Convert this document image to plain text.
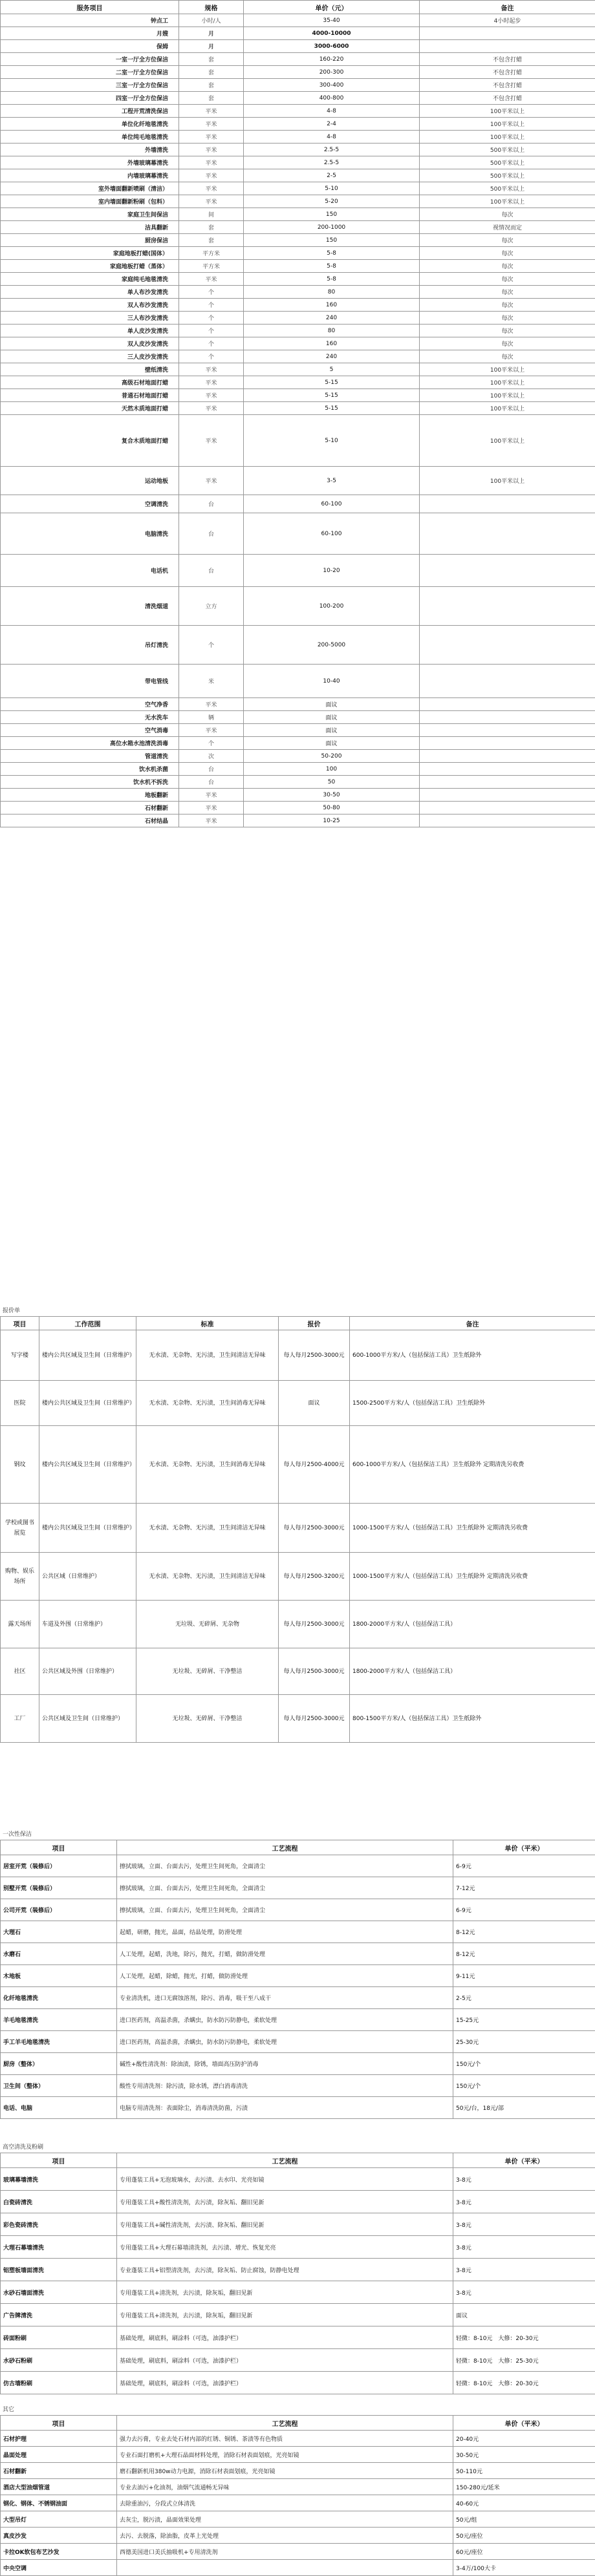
服务项目	规格	单价（元）	备注
钟点工	小时/人	35-40	4小时起步
月嫂	月	4000-10000	
保姆	月	3000-6000	
一室一厅全方位保洁	套	160-220	不包含打蜡
二室一厅全方位保洁	套	200-300	不包含打蜡
三室一厅全方位保洁	套	300-400	不包含打蜡
四室一厅全方位保洁	套	400-800	不包含打蜡
工程开荒清洗保洁	平米	4-8	100平米以上
单位化纤地毯清洗	平米	2-4	100平米以上
单位纯毛地毯清洗	平米	4-8	100平米以上
外墙清洗	平米	2.5-5	500平米以上
外墙玻璃幕清洗	平米	2.5-5	500平米以上
内墙玻璃幕清洗	平米	2-5	500平米以上
室外墙面翻新喷刷（清洁）	平米	5-10	500平米以上
室内墙面翻新粉刷（包料）	平米	5-20	100平米以上
家庭卫生间保洁	间	150	每次
洁具翻新	套	200-1000	视情况而定
厨房保洁	套	150	每次
家庭地板打蜡(国体）	平方米	5-8	每次
家庭地板打蜡（蒸体）	平方米	5-8	每次
家庭纯毛地毯清洗	平米	5-8	每次
单人布沙发清洗	个	80	每次
双人布沙发清洗	个	160	每次
三人布沙发清洗	个	240	每次
单人皮沙发清洗	个	80	每次
双人皮沙发清洗	个	160	每次
三人皮沙发清洗	个	240	每次
壁纸清洗	平米	5	100平米以上
高级石材地面打蜡	平米	5-15	100平米以上
普通石材地面打蜡	平米	5-15	100平米以上
天然木质地面打蜡	平米	5-15	100平米以上
复合木质地面打蜡	平米	5-10	100平米以上
运动地板	平米	3-5	100平米以上
空调清洗	台	60-100	
电脑清洗	台	60-100	
电话机	台	10-20	
清洗烟道	立方	100-200	
吊灯清洗	个	200-5000	
带电管线	米	10-40	
空气净香	平米	面议	
无水洗车	辆	面议	
空气消毒	平米	面议	
高位水箱水池清洗消毒	个	面议	
管道清洗	次	50-200	
饮水机杀菌	台	100	
饮水机不拆洗	台	50	
地板翻新	平米	30-50	
石材翻新	平米	50-80	
石材结晶	平米	10-25	
报价单
项目	工作范围	标准	报价	备注
写字楼	楼内公共区域及卫生间（日常维护）	无水渍、无杂物、无污渍，卫生间清洁无异味	每人每月2500-3000元	600-1000平方米/人（包括保洁工具）卫生纸除外
医院	楼内公共区域及卫生间（日常维护）	无水渍、无杂物、无污渍，卫生间消毒无异味	面议	1500-2500平方米/人（包括保洁工具）卫生纸除外
钢坟	楼内公共区域及卫生间（日常维护）	无水渍、无杂物、无污渍，卫生间消毒无异味	每人每月2500-4000元	600-1000平方米/人（包括保洁工具）卫生纸除外 定期清洗另收费
学校或图书展览	楼内公共区域及卫生间（日常维护）	无水渍、无杂物、无污渍，卫生间清洁无异味	每人每月2500-3000元	1000-1500平方米/人（包括保洁工具）卫生纸除外 定期清洗另收费
购物、娱乐场所	公共区域（日常维护）	无水渍、无杂物、无污渍，卫生间清洁无异味	每人每月2500-3200元	1000-1500平方米/人（包括保洁工具）卫生纸除外 定期清洗另收费
露天场所	车道及外围（日常维护）	无垃圾、无碎屑、无杂物	每人每月2500-3000元	1800-2000平方米/人（包括保洁工具）
社区	公共区域及外围（日常维护）	无垃圾、无碎屑、干净整洁	每人每月2500-3000元	1800-2000平方米/人（包括保洁工具）
工厂	公共区域及卫生间（日常维护）	无垃圾、无碎屑、干净整洁	每人每月2500-3000元	800-1500平方米/人（包括保洁工具）卫生纸除外
一次性保洁
项目	工艺流程	单价（平米）
居室开荒（装修后）	擦拭玻璃，立面、台面去污，处理卫生间死角，全面清尘	6-9元
别墅开荒（装修后）	擦拭玻璃，立面、台面去污，处理卫生间死角，全面清尘	7-12元
公司开荒（装修后）	擦拭玻璃，立面、台面去污，处理卫生间死角，全面清尘	6-9元
大理石	起蜡，研磨，抛光，晶面，结晶处理，防滑处理	8-12元
水磨石	人工处理，起蜡，洗地，除污，抛光，打蜡，做防滑处理	8-12元
木地板	人工处理，起蜡，除蜡，抛光，打蜡，做防滑处理	9-11元
化纤地毯清洗	专业清洗机，进口无腐蚀溶剂，除污、消毒，吸干至八成干	2-5元
羊毛地毯清洗	进口医药剂，高温杀菌，杀螨虫，防水防污防静电，柔软处理	15-25元
手工羊毛地毯清洗	进口医药剂，高温杀菌，杀螨虫，防水防污防静电，柔软处理	25-30元
厨房（整体）	碱性+酸性清洗剂：除油渍，除锈，墙面高压防护消毒	150元/个
卫生间（整体）	酸性专用清洗剂：除污渍，除水锈，漂白消毒清洗	150元/个
电话、电脑	电脑专用清洗剂：表面除尘，消毒清洗防菌，污渍	50元/台，18元/部
高空清洗及粉刷
项目	工艺流程	单价（平米）
玻璃幕墙清洗	专用蓬装工具+无泡玻璃水，去污渍、去水印、光亮如镜	3-8元
白瓷砖清洗	专用蓬装工具+酸性清洗剂，去污渍，除灰垢、翻旧见新	3-8元
彩色瓷砖清洗	专用蓬装工具+碱性清洗剂，去污渍、除灰垢、翻旧见新	3-8元
大理石幕墙清洗	专用蓬装工具+大理石幕墙清洗剂，去污渍、增光、恢复光亮	3-8元
铝塑板墙面清洗	专业蓬装工具+铝塑清洗剂，去污渍，除灰垢、防止腐蚀，防静电处理	3-8元
水砂石墙面清洗	专用蓬装工具+清洗剂，去污渍，除灰垢，翻旧见新	3-8元
广告牌清洗	专用蓬装工具+清洗剂，去污渍，除灰垢，翻旧见新	面议
砖面粉刷	基础处理，刷底料，刷涂料（可选，油漆护栏）	轻微：8-10元　大修：20-30元
水砂石粉刷	基础处理，刷底料，刷涂料（可选，油漆护栏）	轻微：8-10元　大修：25-30元
仿古墙粉刷	基础处理，刷底料，刷涂料（可选，油漆护栏）	轻微：8-10元　大修：20-30元
其它
项目	工艺流程	单价（平米）
石材护理	强力去污膏，专业去处石材内部的红锈、铜锈、茶渍等有色物质	20-40元
晶面处理	专业石面打磨机+大理石晶面材料处理，消除石材表面划痕，光亮如镜	30-50元
石材翻新	磨石翻新机用380w动力电源，消除石材表面划痕，光亮如镜	50-110元
酒店大型油烟管道	专业去油污+化油剂，油烟气流通畅无异味	150-280元/延米
钢化、钢体、不锈钢油面	去除重油污，分段式立体清洗	40-60元
大型吊灯	去灰尘，脱污渍，晶面效果处理	50元/组
真皮沙发	去污、去脱落，除油脂，皮革上光处理	50元/座位
卡拉OK软包布艺沙发	西德美国进口美氏抽吸机+专用清洗剂	60元/座位
中央空调		3-4万/100大卡
